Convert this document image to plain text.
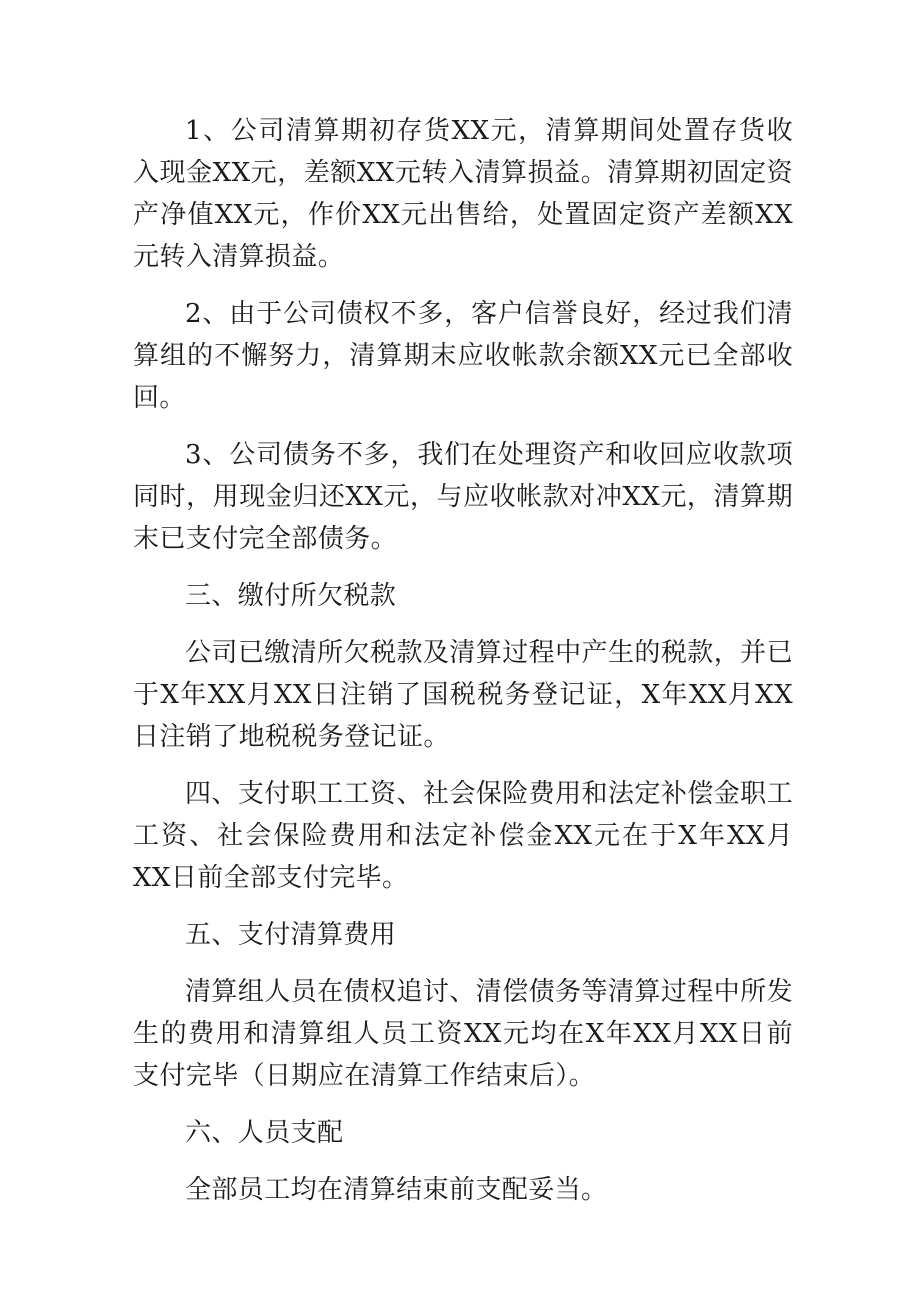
1、公司清算期初存货XX元，清算期间处置存货收入现金XX元，差额XX元转入清算损益。清算期初固定资产净值XX元，作价XX元出售给，处置固定资产差额XX元转入清算损益。

2、由于公司债权不多，客户信誉良好，经过我们清算组的不懈努力，清算期末应收帐款余额XX元已全部收回。

3、公司债务不多，我们在处理资产和收回应收款项同时，用现金归还XX元，与应收帐款对冲XX元，清算期末已支付完全部债务。

三、缴付所欠税款

公司已缴清所欠税款及清算过程中产生的税款，并已于X年XX月XX日注销了国税税务登记证，X年XX月XX日注销了地税税务登记证。

四、支付职工工资、社会保险费用和法定补偿金职工工资、社会保险费用和法定补偿金XX元在于X年XX月XX日前全部支付完毕。

五、支付清算费用

清算组人员在债权追讨、清偿债务等清算过程中所发生的费用和清算组人员工资XX元均在X年XX月XX日前支付完毕（日期应在清算工作结束后）。

六、人员支配

全部员工均在清算结束前支配妥当。
